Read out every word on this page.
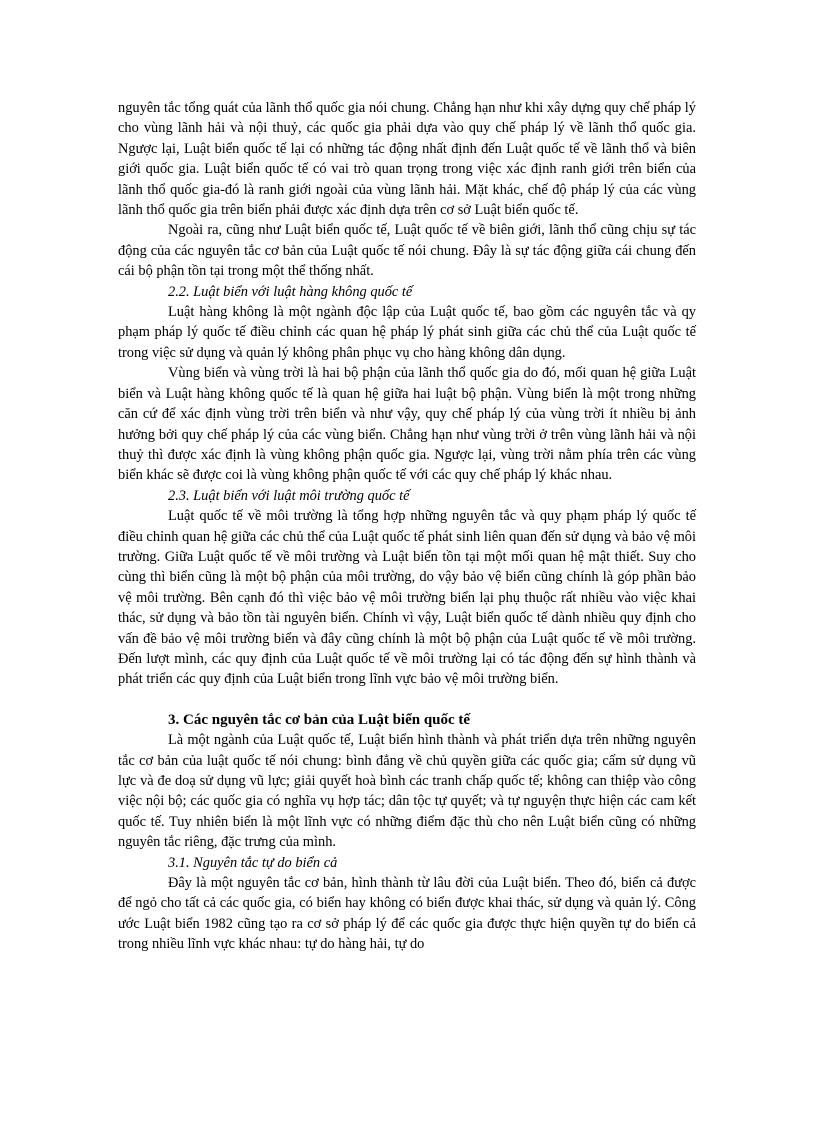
nguyên tắc tổng quát của lãnh thổ quốc gia nói chung. Chẳng hạn như khi xây dựng quy chế pháp lý cho vùng lãnh hải và nội thuỷ, các quốc gia phải dựa vào quy chế pháp lý về lãnh thổ quốc gia. Ngược lại, Luật biển quốc tế lại có những tác động nhất định đến Luật quốc tế về lãnh thổ và biên giới quốc gia. Luật biển quốc tế có vai trò quan trọng trong việc xác định ranh giới trên biển của lãnh thổ quốc gia-đó là ranh giới ngoài của vùng lãnh hải. Mặt khác, chế độ pháp lý của các vùng lãnh thổ quốc gia trên biển phải được xác định dựa trên cơ sở Luật biển quốc tế.

Ngoài ra, cũng như Luật biển quốc tế, Luật quốc tế về biên giới, lãnh thổ cũng chịu sự tác động của các nguyên tắc cơ bản của Luật quốc tế nói chung. Đây là sự tác động giữa cái chung đến cái bộ phận tồn tại trong một thể thống nhất.

2.2. Luật biển với luật hàng không quốc tế

Luật hàng không là một ngành độc lập của Luật quốc tế, bao gồm các nguyên tắc và qy phạm pháp lý quốc tế điều chỉnh các quan hệ pháp lý phát sinh giữa các chủ thể của Luật quốc tế trong việc sử dụng và quản lý không phân phục vụ cho hàng không dân dụng.

Vùng biển và vùng trời là hai bộ phận của lãnh thổ quốc gia do đó, mối quan hệ giữa Luật biển và Luật hàng không quốc tế là quan hệ giữa hai luật bộ phận. Vùng biển là một trong những căn cứ để xác định vùng trời trên biển và như vậy, quy chế pháp lý của vùng trời ít nhiều bị ảnh hưởng bởi quy chế pháp lý của các vùng biển. Chẳng hạn như vùng trời ở trên vùng lãnh hải và nội thuỷ thì được xác định là vùng không phận quốc gia. Ngược lại, vùng trời nằm phía trên các vùng biển khác sẽ được coi là vùng không phận quốc tế với các quy chế pháp lý khác nhau.

2.3. Luật biển với luật môi trường quốc tế

Luật quốc tế về môi trường là tổng hợp những nguyên tắc và quy phạm pháp lý quốc tế điều chỉnh quan hệ giữa các chủ thể của Luật quốc tế phát sinh liên quan đến sử dụng và bảo vệ môi trường. Giữa Luật quốc tế về môi trường và Luật biển tồn tại một mối quan hệ mật thiết. Suy cho cùng thì biển cũng là một bộ phận của môi trường, do vậy bảo vệ biển cũng chính là góp phần bảo vệ môi trường. Bên cạnh đó thì việc bảo vệ môi trường biển lại phụ thuộc rất nhiều vào việc khai thác, sử dụng và bảo tồn tài nguyên biển. Chính vì vậy, Luật biển quốc tế dành nhiều quy định cho vấn đề bảo vệ môi trường biển và đây cũng chính là một bộ phận của Luật quốc tế về môi trường. Đến lượt mình, các quy định của Luật quốc tế về môi trường lại có tác động đến sự hình thành và phát triển các quy định của Luật biển trong lĩnh vực bảo vệ môi trường biển.

3. Các nguyên tắc cơ bản của Luật biển quốc tế

Là một ngành của Luật quốc tế, Luật biển hình thành và phát triển dựa trên những nguyên tắc cơ bản của luật quốc tế nói chung: bình đẳng về chủ quyền giữa các quốc gia; cấm sử dụng vũ lực và đe doạ sử dụng vũ lực; giải quyết hoà bình các tranh chấp quốc tế; không can thiệp vào công việc nội bộ; các quốc gia có nghĩa vụ hợp tác; dân tộc tự quyết; và tự nguyện thực hiện các cam kết quốc tế. Tuy nhiên biển là một lĩnh vực có những điểm đặc thù cho nên Luật biển cũng có những nguyên tắc riêng, đặc trưng của mình.

3.1. Nguyên tắc tự do biển cả

Đây là một nguyên tắc cơ bản, hình thành từ lâu đời của Luật biển. Theo đó, biển cả được để ngỏ cho tất cả các quốc gia, có biển hay không có biển được khai thác, sử dụng và quản lý. Công ước Luật biển 1982 cũng tạo ra cơ sở pháp lý để các quốc gia được thực hiện quyền tự do biển cả trong nhiều lĩnh vực khác nhau: tự do hàng hải, tự do
